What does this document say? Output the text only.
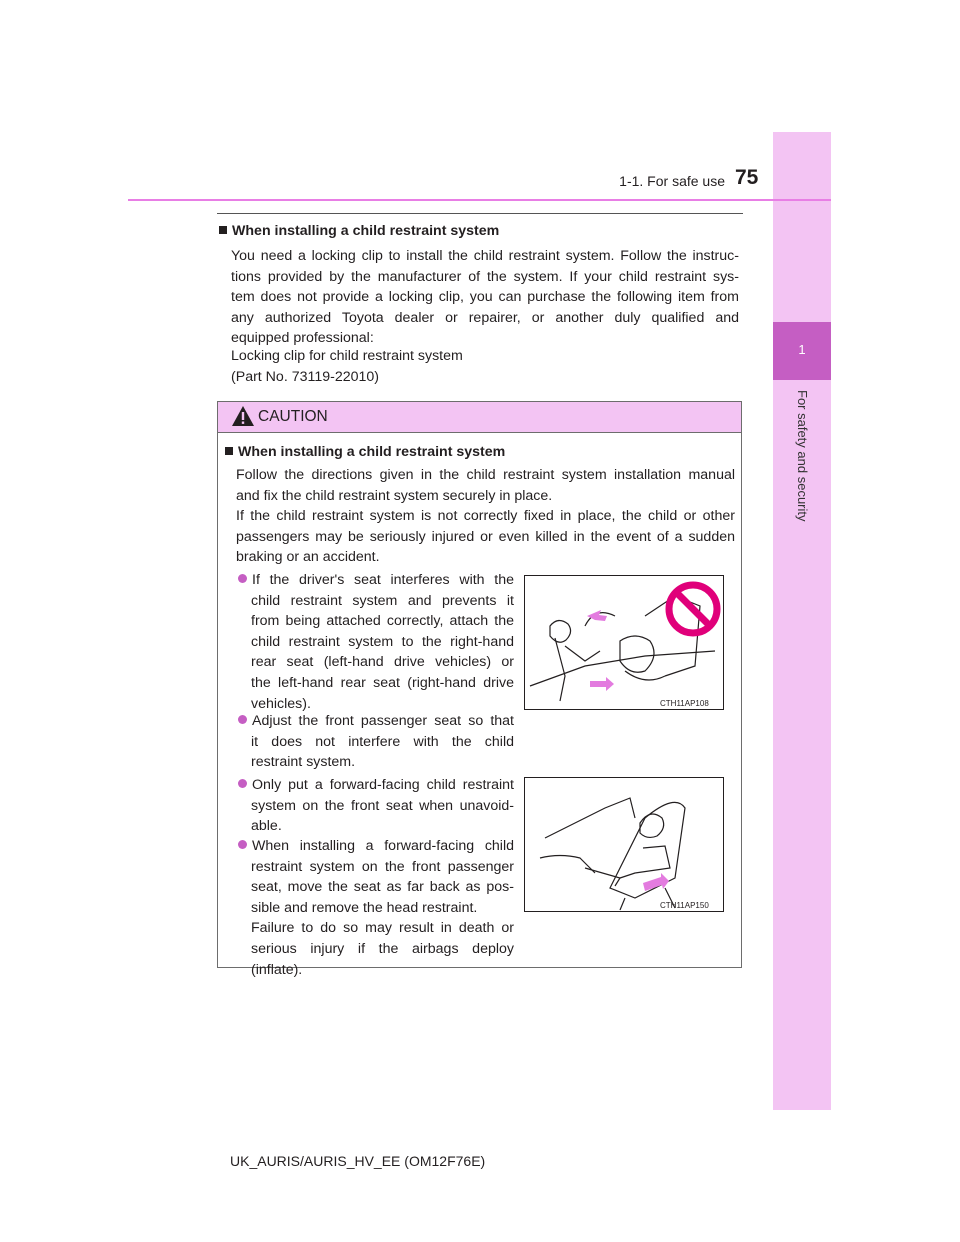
1
For safety and security
1-1. For safe use 75
When installing a child restraint system
You need a locking clip to install the child restraint system. Follow the instruc-
tions provided by the manufacturer of the system. If your child restraint sys-
tem does not provide a locking clip, you can purchase the following item from
any authorized Toyota dealer or repairer, or another duly qualified and
equipped professional:
Locking clip for child restraint system
(Part No. 73119-22010)
CAUTION
When installing a child restraint system
Follow the directions given in the child restraint system installation manual
and fix the child restraint system securely in place.
If the child restraint system is not correctly fixed in place, the child or other
passengers may be seriously injured or even killed in the event of a sudden
braking or an accident.
If the driver's seat interferes with the
child restraint system and prevents it
from being attached correctly, attach the
child restraint system to the right-hand
rear seat (left-hand drive vehicles) or
the left-hand rear seat (right-hand drive
vehicles).
Adjust the front passenger seat so that
it does not interfere with the child
restraint system.
CTH11AP108
Only put a forward-facing child restraint
system on the front seat when unavoid-
able.
When installing a forward-facing child
restraint system on the front passenger
seat, move the seat as far back as pos-
sible and remove the head restraint.
Failure to do so may result in death or
serious injury if the airbags deploy
(inflate).
CTH11AP150
UK_AURIS/AURIS_HV_EE (OM12F76E)
